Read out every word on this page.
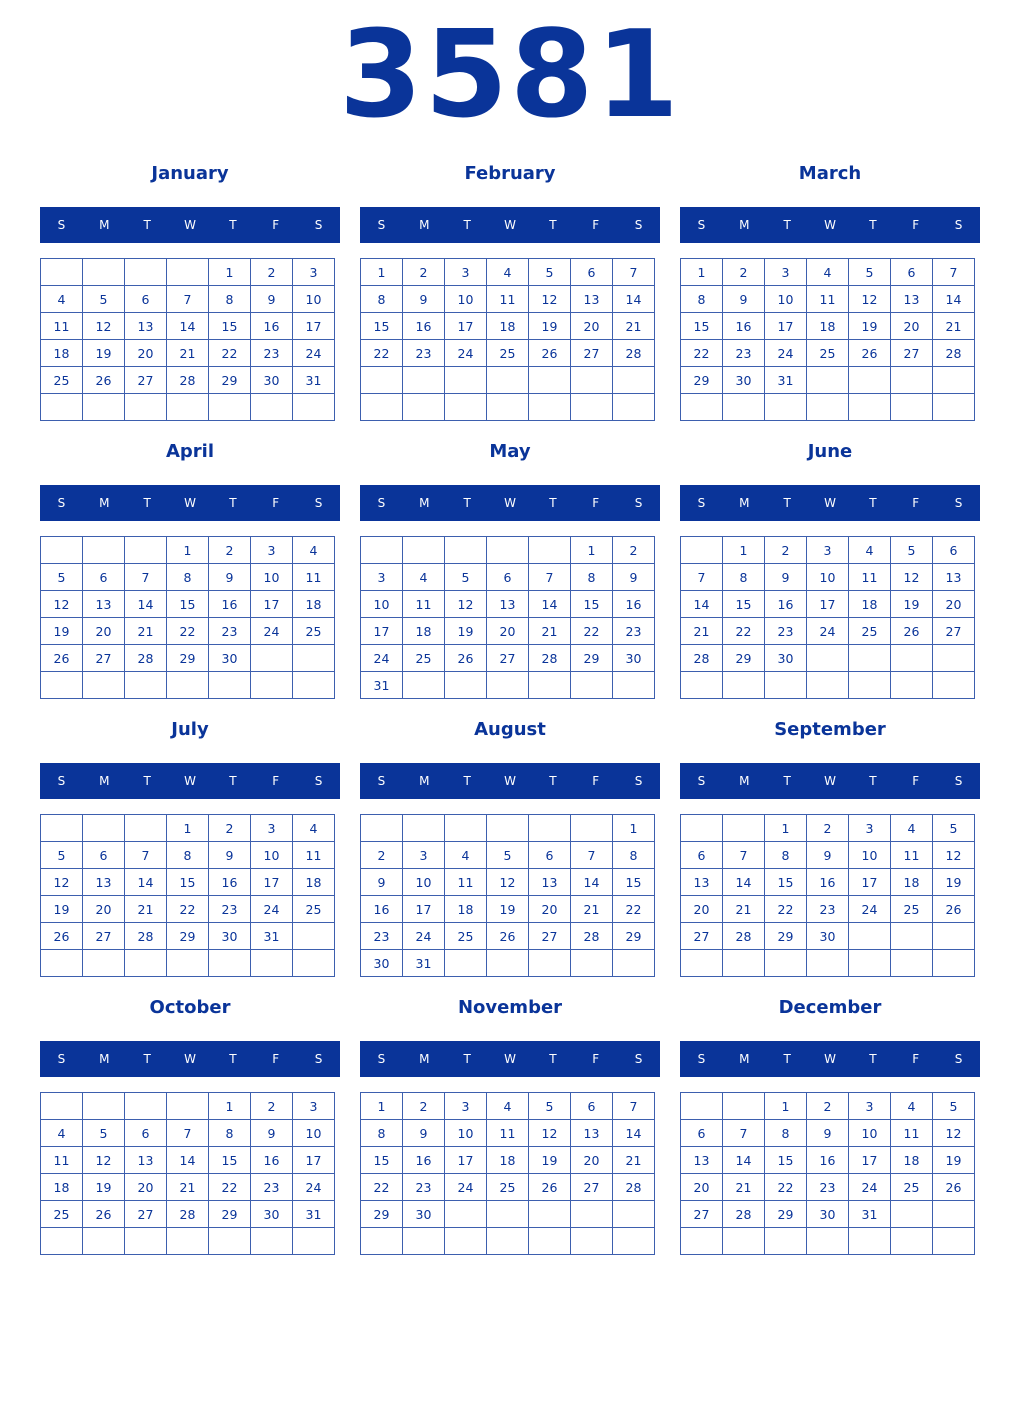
3581
January
S	M	T	W	T	F	S
				1	2	3
4	5	6	7	8	9	10
11	12	13	14	15	16	17
18	19	20	21	22	23	24
25	26	27	28	29	30	31

February
S	M	T	W	T	F	S
1	2	3	4	5	6	7
8	9	10	11	12	13	14
15	16	17	18	19	20	21
22	23	24	25	26	27	28

March
S	M	T	W	T	F	S
1	2	3	4	5	6	7
8	9	10	11	12	13	14
15	16	17	18	19	20	21
22	23	24	25	26	27	28
29	30	31				

April
S	M	T	W	T	F	S
			1	2	3	4
5	6	7	8	9	10	11
12	13	14	15	16	17	18
19	20	21	22	23	24	25
26	27	28	29	30		

May
S	M	T	W	T	F	S
					1	2
3	4	5	6	7	8	9
10	11	12	13	14	15	16
17	18	19	20	21	22	23
24	25	26	27	28	29	30
31						
June
S	M	T	W	T	F	S
	1	2	3	4	5	6
7	8	9	10	11	12	13
14	15	16	17	18	19	20
21	22	23	24	25	26	27
28	29	30				

July
S	M	T	W	T	F	S
			1	2	3	4
5	6	7	8	9	10	11
12	13	14	15	16	17	18
19	20	21	22	23	24	25
26	27	28	29	30	31	

August
S	M	T	W	T	F	S
						1
2	3	4	5	6	7	8
9	10	11	12	13	14	15
16	17	18	19	20	21	22
23	24	25	26	27	28	29
30	31					
September
S	M	T	W	T	F	S
		1	2	3	4	5
6	7	8	9	10	11	12
13	14	15	16	17	18	19
20	21	22	23	24	25	26
27	28	29	30			

October
S	M	T	W	T	F	S
				1	2	3
4	5	6	7	8	9	10
11	12	13	14	15	16	17
18	19	20	21	22	23	24
25	26	27	28	29	30	31

November
S	M	T	W	T	F	S
1	2	3	4	5	6	7
8	9	10	11	12	13	14
15	16	17	18	19	20	21
22	23	24	25	26	27	28
29	30					

December
S	M	T	W	T	F	S
		1	2	3	4	5
6	7	8	9	10	11	12
13	14	15	16	17	18	19
20	21	22	23	24	25	26
27	28	29	30	31		
